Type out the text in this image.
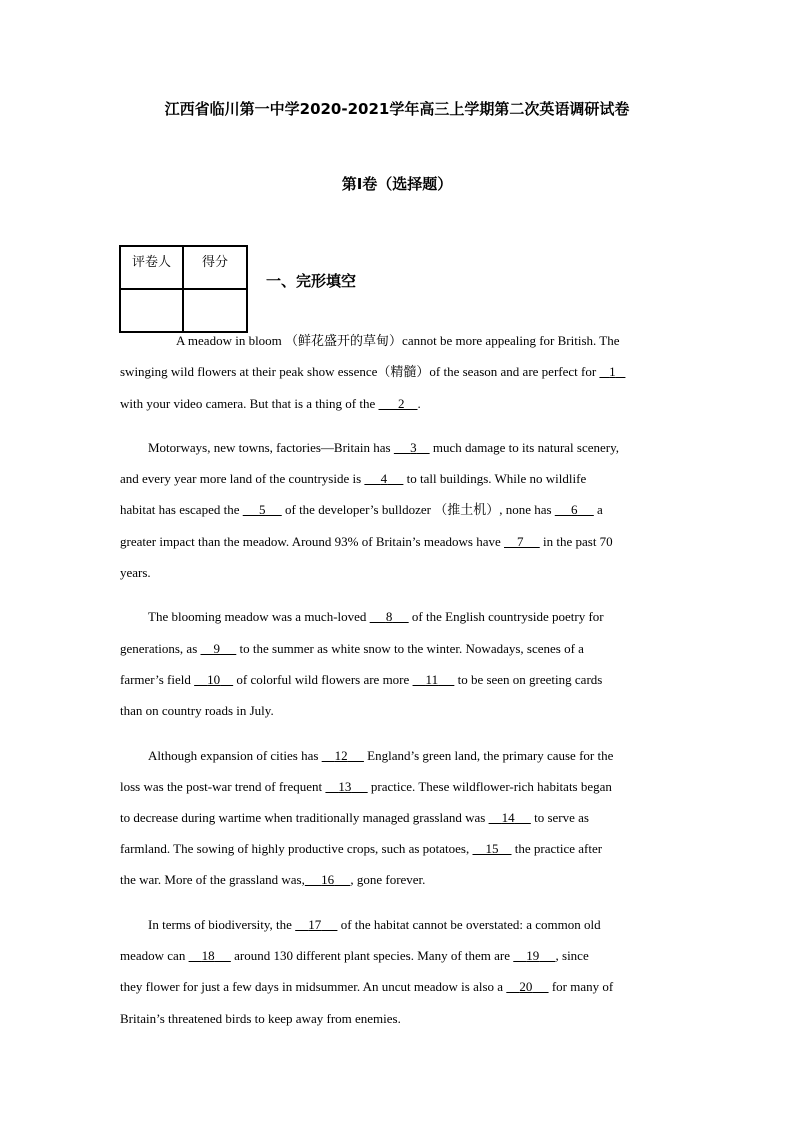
江西省临川第一中学2020-2021学年高三上学期第二次英语调研试卷
第I卷（选择题）
评卷人	得分

一、完形填空
A meadow in bloom （鲜花盛开的草甸）cannot be more appealing for British. The
swinging wild flowers at their peak show essence（精髓）of the season and are perfect for    1
with your video camera. But that is a thing of the       2 .
Motorways, new towns, factories—Britain has      3     much damage to its natural scenery,
and every year more land of the countryside is      4      to tall buildings. While no wildlife
habitat has escaped the      5      of the developer’s bulldozer （推土机）, none has      6      a
greater impact than the meadow. Around 93% of Britain’s meadows have     7      in the past 70
years.
The blooming meadow was a much-loved      8      of the English countryside poetry for
generations, as     9      to the summer as white snow to the winter. Nowadays, scenes of a
farmer’s field     10     of colorful wild flowers are more     11      to be seen on greeting cards
than on country roads in July.
Although expansion of cities has     12      England’s green land, the primary cause for the
loss was the post-war trend of frequent     13      practice. These wildflower-rich habitats began
to decrease during wartime when traditionally managed grassland was     14      to serve as
farmland. The sowing of highly productive crops, such as potatoes,     15     the practice after
the war. More of the grassland was, 16 , gone forever.
In terms of biodiversity, the     17      of the habitat cannot be overstated: a common old
meadow can     18      around 130 different plant species. Many of them are     19 , since
they flower for just a few days in midsummer. An uncut meadow is also a     20      for many of
Britain’s threatened birds to keep away from enemies.
